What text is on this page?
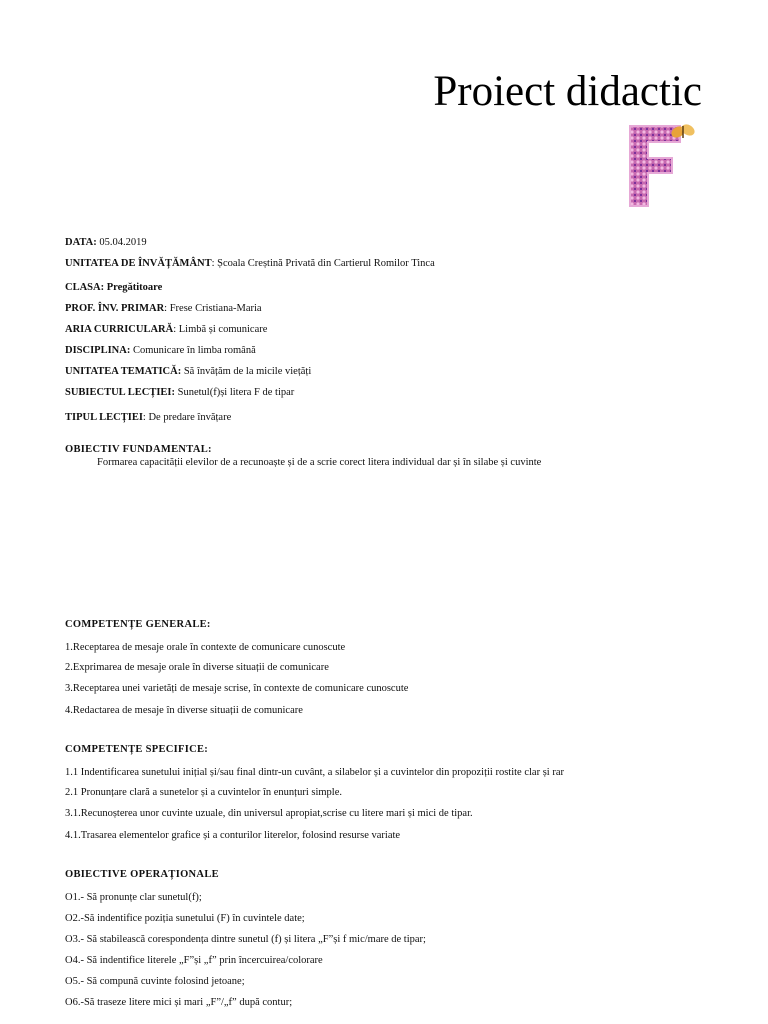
Proiect didactic
DATA: 05.04.2019
UNITATEA DE ÎNVĂȚĂMÂNT: Școala Creștină Privată din Cartierul Romilor Tinca
CLASA: Pregătitoare
PROF. ÎNV. PRIMAR: Frese Cristiana-Maria
ARIA CURRICULARĂ: Limbă și comunicare
DISCIPLINA: Comunicare în limba română
UNITATEA TEMATICĂ: Să învățăm de la micile viețăți
SUBIECTUL LECȚIEI: Sunetul(f)și litera F de tipar
TIPUL LECȚIEI: De predare învățare
OBIECTIV FUNDAMENTAL:
Formarea capacității elevilor de a recunoaște și de a scrie corect litera individual dar și în silabe și cuvinte
COMPETENȚE GENERALE:
1.Receptarea de mesaje orale în contexte de comunicare cunoscute
2.Exprimarea de mesaje orale în diverse situații de comunicare
3.Receptarea unei varietăți de mesaje scrise, în contexte de comunicare cunoscute
4.Redactarea de mesaje în diverse situații de comunicare
COMPETENȚE SPECIFICE:
1.1 Indentificarea sunetului inițial și/sau final dintr-un cuvânt, a silabelor și a cuvintelor din propoziții rostite clar și rar
2.1 Pronunțare clară a sunetelor și a cuvintelor în enunțuri simple.
3.1.Recunoșterea unor cuvinte uzuale, din universul apropiat,scrise cu litere mari și mici de tipar.
4.1.Trasarea elementelor grafice și a conturilor literelor, folosind resurse variate
OBIECTIVE OPERAȚIONALE
O1.- Să pronunțe clar sunetul(f);
O2.-Să indentifice poziția sunetului (F) în cuvintele date;
O3.- Să stabilească corespondența dintre sunetul (f) și litera „F”și f mic/mare de tipar;
O4.- Să indentifice literele „F”și „f” prin încercuirea/colorare
O5.- Să compună cuvinte folosind jetoane;
O6.-Să traseze litere mici și mari „F”/„f” după contur;
